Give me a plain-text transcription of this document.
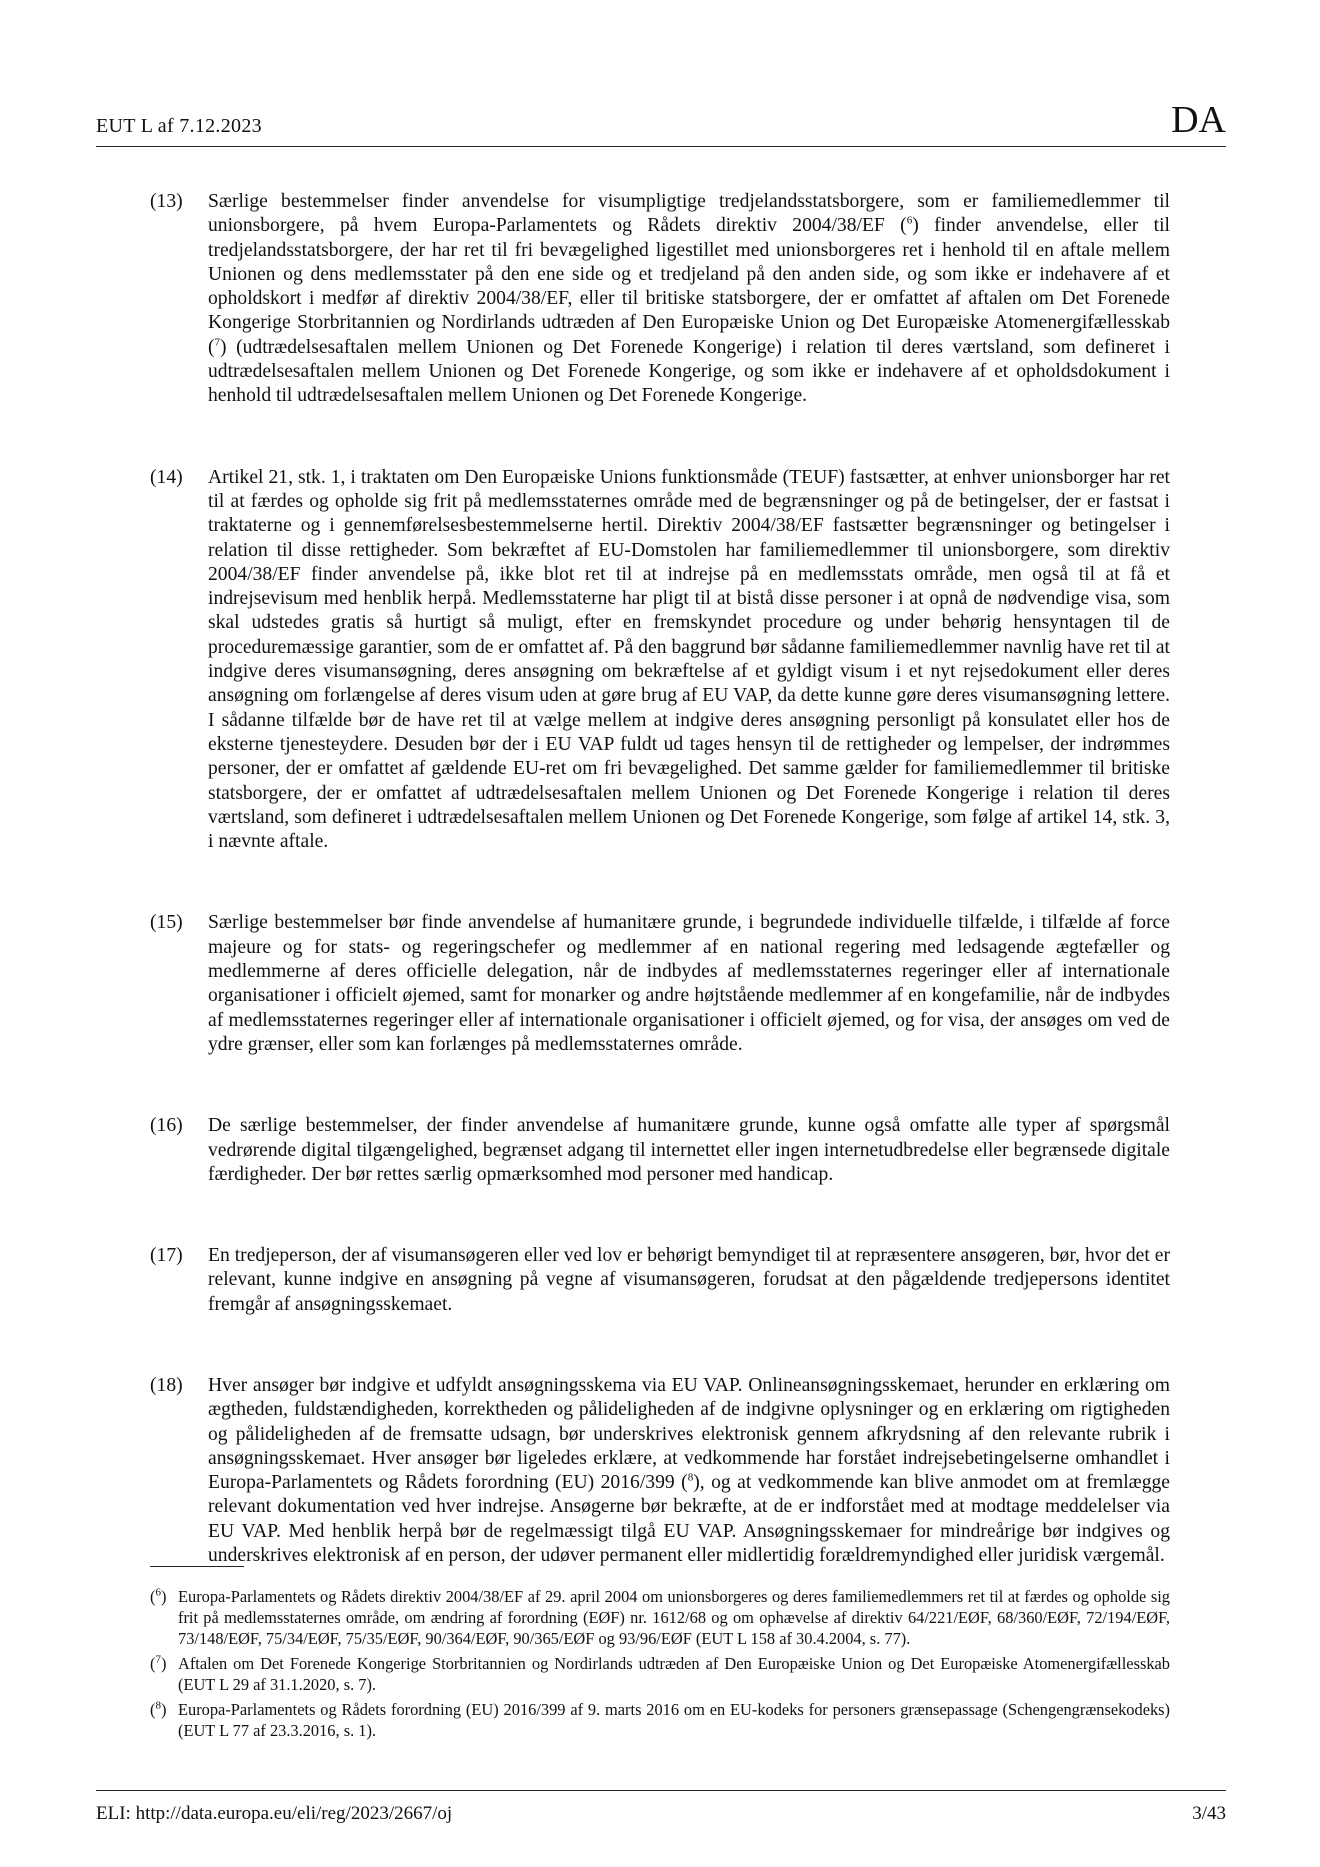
EUT L af 7.12.2023	DA
(13) Særlige bestemmelser finder anvendelse for visumpligtige tredjelandsstatsborgere, som er familiemedlemmer til unionsborgere, på hvem Europa-Parlamentets og Rådets direktiv 2004/38/EF ($^6$) finder anvendelse, eller til tredjelandsstatsborgere, der har ret til fri bevægelighed ligestillet med unionsborgeres ret i henhold til en aftale mellem Unionen og dens medlemsstater på den ene side og et tredjeland på den anden side, og som ikke er indehavere af et opholdskort i medfør af direktiv 2004/38/EF, eller til britiske statsborgere, der er omfattet af aftalen om Det Forenede Kongerige Storbritannien og Nordirlands udtræden af Den Europæiske Union og Det Europæiske Atomenergifællesskab ($^7$) (udtrædelsesaftalen mellem Unionen og Det Forenede Kongerige) i relation til deres værtsland, som defineret i udtrædelsesaftalen mellem Unionen og Det Forenede Kongerige, og som ikke er indehavere af et opholdsdokument i henhold til udtrædelsesaftalen mellem Unionen og Det Forenede Kongerige.
(14) Artikel 21, stk. 1, i traktaten om Den Europæiske Unions funktionsmåde (TEUF) fastsætter, at enhver unionsborger har ret til at færdes og opholde sig frit på medlemsstaternes område med de begrænsninger og på de betingelser, der er fastsat i traktaterne og i gennemførelsesbestemmelserne hertil. Direktiv 2004/38/EF fastsætter begrænsninger og betingelser i relation til disse rettigheder. Som bekræftet af EU-Domstolen har familiemedlemmer til unionsborgere, som direktiv 2004/38/EF finder anvendelse på, ikke blot ret til at indrejse på en medlemsstats område, men også til at få et indrejsevisum med henblik herpå. Medlemsstaterne har pligt til at bistå disse personer i at opnå de nødvendige visa, som skal udstedes gratis så hurtigt så muligt, efter en fremskyndet procedure og under behørig hensyntagen til de proceduremæssige garantier, som de er omfattet af. På den baggrund bør sådanne familiemedlemmer navnlig have ret til at indgive deres visumansøgning, deres ansøgning om bekræftelse af et gyldigt visum i et nyt rejsedokument eller deres ansøgning om forlængelse af deres visum uden at gøre brug af EU VAP, da dette kunne gøre deres visumansøgning lettere. I sådanne tilfælde bør de have ret til at vælge mellem at indgive deres ansøgning personligt på konsulatet eller hos de eksterne tjenesteydere. Desuden bør der i EU VAP fuldt ud tages hensyn til de rettigheder og lempelser, der indrømmes personer, der er omfattet af gældende EU-ret om fri bevægelighed. Det samme gælder for familiemedlemmer til britiske statsborgere, der er omfattet af udtrædelsesaftalen mellem Unionen og Det Forenede Kongerige i relation til deres værtsland, som defineret i udtrædelsesaftalen mellem Unionen og Det Forenede Kongerige, som følge af artikel 14, stk. 3, i nævnte aftale.
(15) Særlige bestemmelser bør finde anvendelse af humanitære grunde, i begrundede individuelle tilfælde, i tilfælde af force majeure og for stats- og regeringschefer og medlemmer af en national regering med ledsagende ægtefæller og medlemmerne af deres officielle delegation, når de indbydes af medlemsstaternes regeringer eller af internationale organisationer i officielt øjemed, samt for monarker og andre højtstående medlemmer af en kongefamilie, når de indbydes af medlemsstaternes regeringer eller af internationale organisationer i officielt øjemed, og for visa, der ansøges om ved de ydre grænser, eller som kan forlænges på medlemsstaternes område.
(16) De særlige bestemmelser, der finder anvendelse af humanitære grunde, kunne også omfatte alle typer af spørgsmål vedrørende digital tilgængelighed, begrænset adgang til internettet eller ingen internetudbredelse eller begrænsede digitale færdigheder. Der bør rettes særlig opmærksomhed mod personer med handicap.
(17) En tredjeperson, der af visumansøgeren eller ved lov er behørigt bemyndiget til at repræsentere ansøgeren, bør, hvor det er relevant, kunne indgive en ansøgning på vegne af visumansøgeren, forudsat at den pågældende tredjepersons identitet fremgår af ansøgningsskemaet.
(18) Hver ansøger bør indgive et udfyldt ansøgningsskema via EU VAP. Onlineansøgningsskemaet, herunder en erklæring om ægtheden, fuldstændigheden, korrektheden og pålideligheden af de indgivne oplysninger og en erklæring om rigtigheden og pålideligheden af de fremsatte udsagn, bør underskrives elektronisk gennem afkrydsning af den relevante rubrik i ansøgningsskemaet. Hver ansøger bør ligeledes erklære, at vedkommende har forstået indrejsebetingelserne omhandlet i Europa-Parlamentets og Rådets forordning (EU) 2016/399 ($^8$), og at vedkommende kan blive anmodet om at fremlægge relevant dokumentation ved hver indrejse. Ansøgerne bør bekræfte, at de er indforstået med at modtage meddelelser via EU VAP. Med henblik herpå bør de regelmæssigt tilgå EU VAP. Ansøgningsskemaer for mindreårige bør indgives og underskrives elektronisk af en person, der udøver permanent eller midlertidig forældremyndighed eller juridisk værgemål.
($^6$) Europa-Parlamentets og Rådets direktiv 2004/38/EF af 29. april 2004 om unionsborgeres og deres familiemedlemmers ret til at færdes og opholde sig frit på medlemsstaternes område, om ændring af forordning (EØF) nr. 1612/68 og om ophævelse af direktiv 64/221/EØF, 68/360/EØF, 72/194/EØF, 73/148/EØF, 75/34/EØF, 75/35/EØF, 90/364/EØF, 90/365/EØF og 93/96/EØF (EUT L 158 af 30.4.2004, s. 77).
($^7$) Aftalen om Det Forenede Kongerige Storbritannien og Nordirlands udtræden af Den Europæiske Union og Det Europæiske Atomenergifællesskab (EUT L 29 af 31.1.2020, s. 7).
($^8$) Europa-Parlamentets og Rådets forordning (EU) 2016/399 af 9. marts 2016 om en EU-kodeks for personers grænsepassage (Schengengrænsekodeks) (EUT L 77 af 23.3.2016, s. 1).
ELI: http://data.europa.eu/eli/reg/2023/2667/oj	3/43
